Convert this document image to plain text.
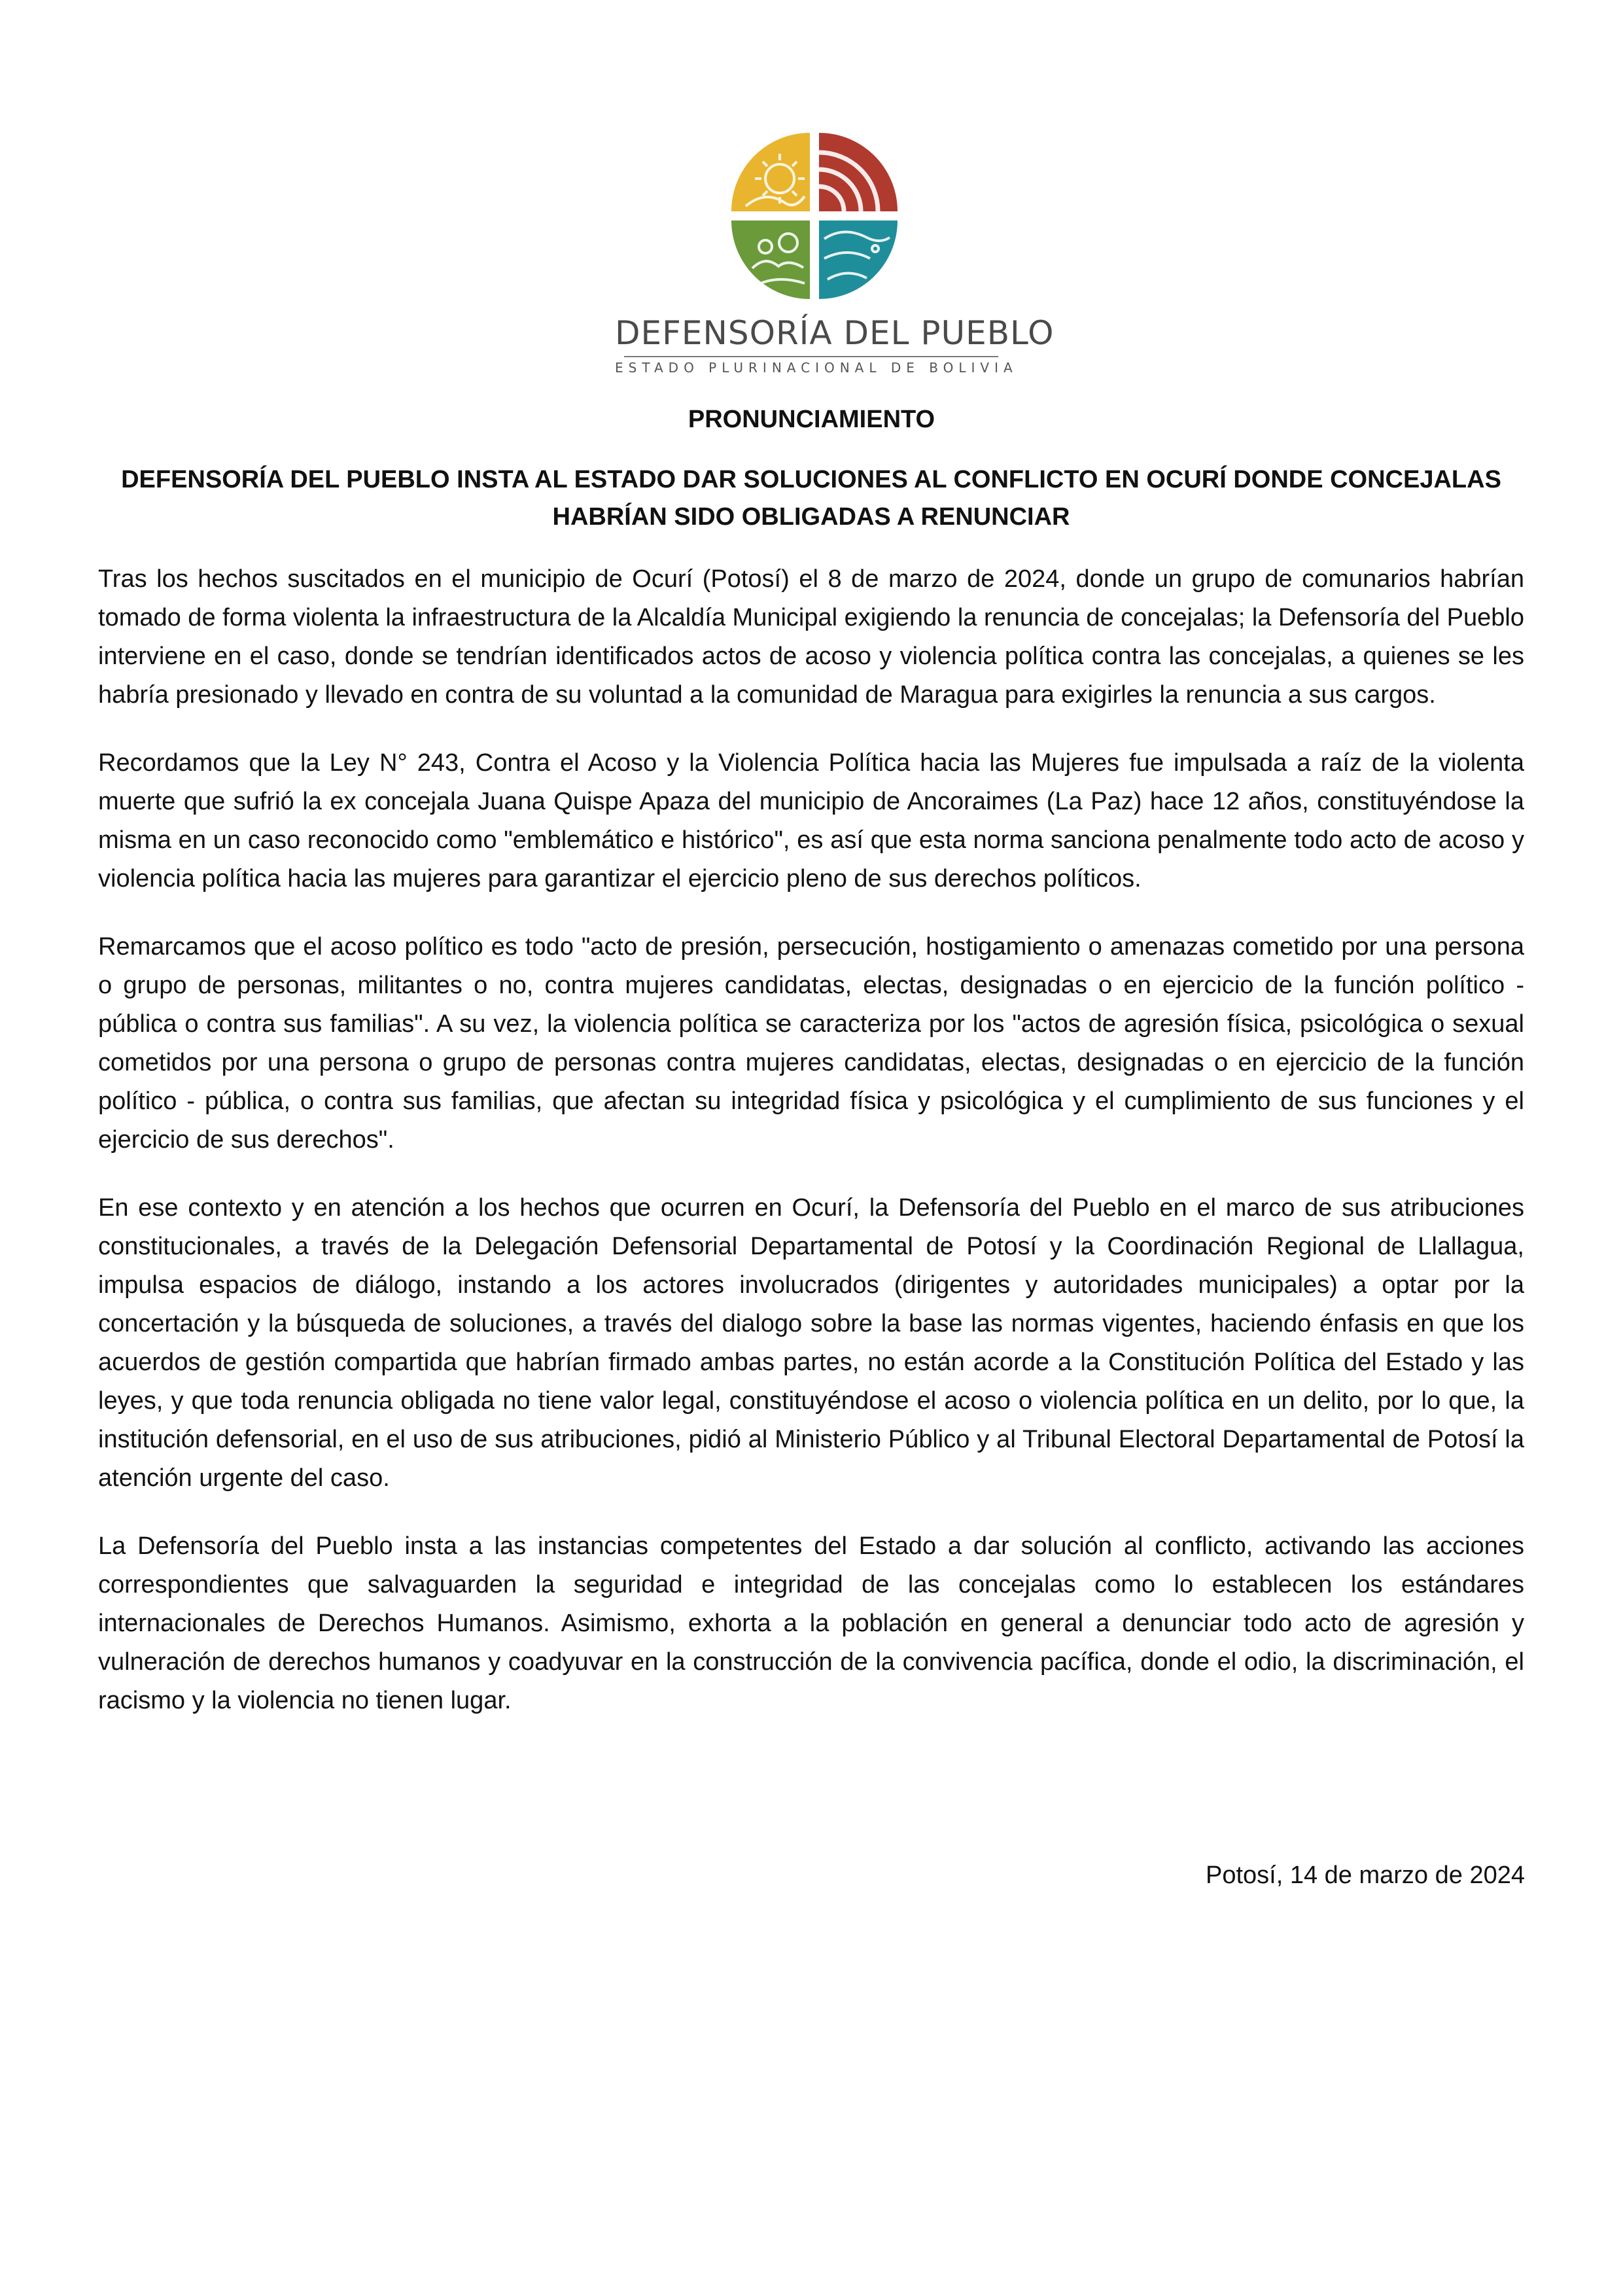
DEFENSORÍA DEL PUEBLO
ESTADO PLURINACIONAL DE BOLIVIA
PRONUNCIAMIENTO
DEFENSORÍA DEL PUEBLO INSTA AL ESTADO DAR SOLUCIONES AL CONFLICTO EN OCURÍ DONDE CONCEJALAS HABRÍAN SIDO OBLIGADAS A RENUNCIAR

Tras los hechos suscitados en el municipio de Ocurí (Potosí) el 8 de marzo de 2024, donde un grupo de comunarios habrían tomado de forma violenta la infraestructura de la Alcaldía Municipal exigiendo la renuncia de concejalas; la Defensoría del Pueblo interviene en el caso, donde se tendrían identificados actos de acoso y violencia política contra las concejalas, a quienes se les habría presionado y llevado en contra de su voluntad a la comunidad de Maragua para exigirles la renuncia a sus cargos.

Recordamos que la Ley N° 243, Contra el Acoso y la Violencia Política hacia las Mujeres fue impulsada a raíz de la violenta muerte que sufrió la ex concejala Juana Quispe Apaza del municipio de Ancoraimes (La Paz) hace 12 años, constituyéndose la misma en un caso reconocido como "emblemático e histórico", es así que esta norma sanciona penalmente todo acto de acoso y violencia política hacia las mujeres para garantizar el ejercicio pleno de sus derechos políticos.

Remarcamos que el acoso político es todo "acto de presión, persecución, hostigamiento o amenazas cometido por una persona o grupo de personas, militantes o no, contra mujeres candidatas, electas, designadas o en ejercicio de la función político - pública o contra sus familias". A su vez, la violencia política se caracteriza por los "actos de agresión física, psicológica o sexual cometidos por una persona o grupo de personas contra mujeres candidatas, electas, designadas o en ejercicio de la función político - pública, o contra sus familias, que afectan su integridad física y psicológica y el cumplimiento de sus funciones y el ejercicio de sus derechos".

En ese contexto y en atención a los hechos que ocurren en Ocurí, la Defensoría del Pueblo en el marco de sus atribuciones constitucionales, a través de la Delegación Defensorial Departamental de Potosí y la Coordinación Regional de Llallagua, impulsa espacios de diálogo, instando a los actores involucrados (dirigentes y autoridades municipales) a optar por la concertación y la búsqueda de soluciones, a través del dialogo sobre la base las normas vigentes, haciendo énfasis en que los acuerdos de gestión compartida que habrían firmado ambas partes, no están acorde a la Constitución Política del Estado y las leyes, y que toda renuncia obligada no tiene valor legal, constituyéndose el acoso o violencia política en un delito, por lo que, la institución defensorial, en el uso de sus atribuciones, pidió al Ministerio Público y al Tribunal Electoral Departamental de Potosí la atención urgente del caso.

La Defensoría del Pueblo insta a las instancias competentes del Estado a dar solución al conflicto, activando las acciones correspondientes que salvaguarden la seguridad e integridad de las concejalas como lo establecen los estándares internacionales de Derechos Humanos. Asimismo, exhorta a la población en general a denunciar todo acto de agresión y vulneración de derechos humanos y coadyuvar en la construcción de la convivencia pacífica, donde el odio, la discriminación, el racismo y la violencia no tienen lugar.

Potosí, 14 de marzo de 2024
